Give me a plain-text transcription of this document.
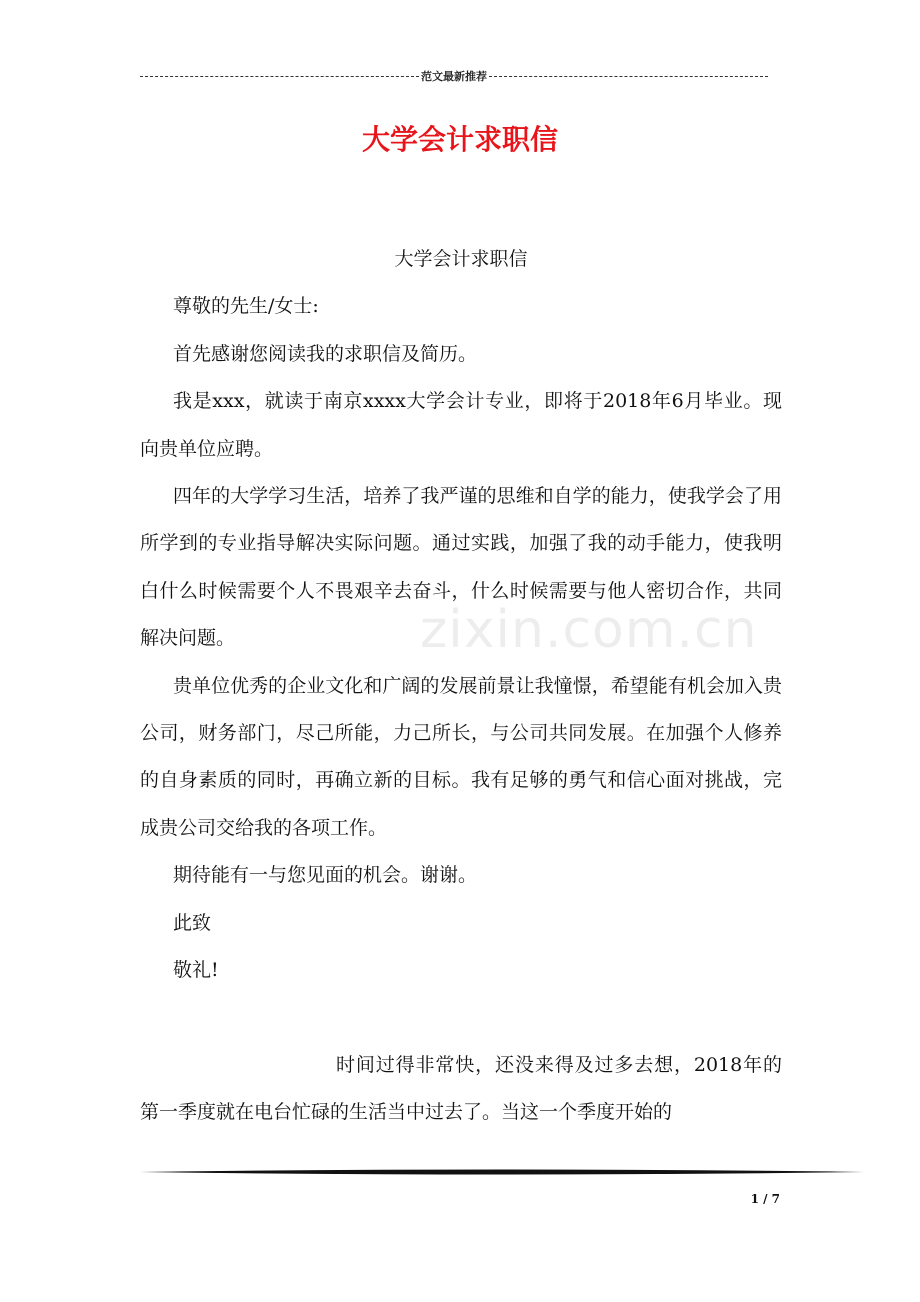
范文最新推荐
大学会计求职信
zixin.com.cn

大学会计求职信

尊敬的先生/女士:

首先感谢您阅读我的求职信及简历。

我是xxx，就读于南京xxxx大学会计专业，即将于2018年6月毕业。现向贵单位应聘。

四年的大学学习生活，培养了我严谨的思维和自学的能力，使我学会了用所学到的专业指导解决实际问题。通过实践，加强了我的动手能力，使我明白什么时候需要个人不畏艰辛去奋斗，什么时候需要与他人密切合作，共同解决问题。

贵单位优秀的企业文化和广阔的发展前景让我憧憬，希望能有机会加入贵公司，财务部门，尽己所能，力己所长，与公司共同发展。在加强个人修养的自身素质的同时，再确立新的目标。我有足够的勇气和信心面对挑战，完成贵公司交给我的各项工作。

期待能有一与您见面的机会。谢谢。

此致

敬礼!

时间过得非常快，还没来得及过多去想，2018年的第一季度就在电台忙碌的生活当中过去了。当这一个季度开始的

1 / 7
